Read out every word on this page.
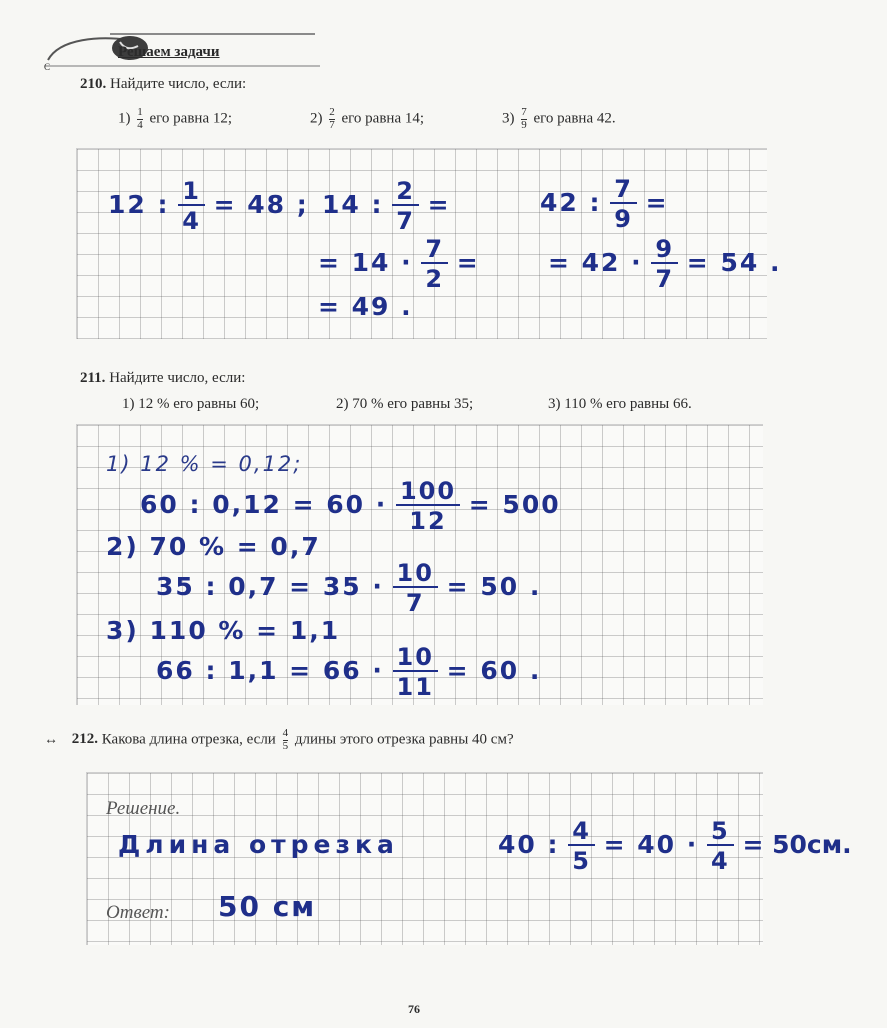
Решаем задачи
C
210. Найдите число, если:
$1) \frac{1}{4}$ его равна 12;	$2) \frac{2}{7}$ его равна 14;	$3) \frac{7}{9}$ его равна 42.
12 : $\frac{1}{4} = 48$ ; 14 : $\frac{2}{7}$ =
= $14 \cdot \frac{7}{2}$ =
= 49 .
42 : $\frac{7}{9}$ =
= $42 \cdot \frac{9}{7} = 54$ .
211. Найдите число, если:
1) 12 % его равны 60;	2) 70 % его равны 35;	3) 110 % его равны 66.
1) 12 % = 0,12;
60 : $0,12 = 60 \cdot \frac{100}{12} = 500$
2) 70 % = 0,7
35 : $0,7 = 35 \cdot \frac{10}{7} = 50$ .
3) 110 % = 1,1
66 : $1,1 = 66 \cdot \frac{10}{11} = 60$ .
↔ 212. Какова длина отрезка, если $\frac{4}{5}$ длины этого отрезка равны 40 см?
Решение.
Длина отрезка	40 : $\frac{4}{5} = 40 \cdot \frac{5}{4} = 50см$.
Ответ: 50 см
76
